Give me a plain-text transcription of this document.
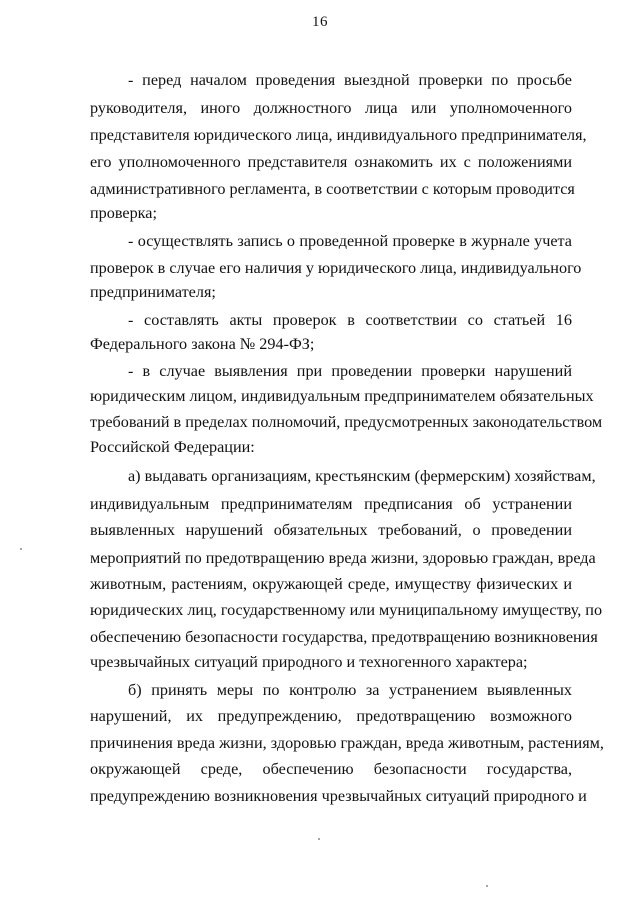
16
- перед началом проведения выездной проверки по просьбе
руководителя, иного должностного лица или уполномоченного
представителя юридического лица, индивидуального предпринимателя,
его уполномоченного представителя ознакомить их с положениями
административного регламента, в соответствии с которым проводится
проверка;
- осуществлять запись о проведенной проверке в журнале учета
проверок в случае его наличия у юридического лица, индивидуального
предпринимателя;
- составлять акты проверок в соответствии со статьей 16
Федерального закона № 294-ФЗ;
- в случае выявления при проведении проверки нарушений
юридическим лицом, индивидуальным предпринимателем обязательных
требований в пределах полномочий, предусмотренных законодательством
Российской Федерации:
а) выдавать организациям, крестьянским (фермерским) хозяйствам,
индивидуальным предпринимателям предписания об устранении
выявленных нарушений обязательных требований, о проведении
мероприятий по предотвращению вреда жизни, здоровью граждан, вреда
животным, растениям, окружающей среде, имуществу физических и
юридических лиц, государственному или муниципальному имуществу, по
обеспечению безопасности государства, предотвращению возникновения
чрезвычайных ситуаций природного и техногенного характера;
б) принять меры по контролю за устранением выявленных
нарушений, их предупреждению, предотвращению возможного
причинения вреда жизни, здоровью граждан, вреда животным, растениям,
окружающей среде, обеспечению безопасности государства,
предупреждению возникновения чрезвычайных ситуаций природного и
